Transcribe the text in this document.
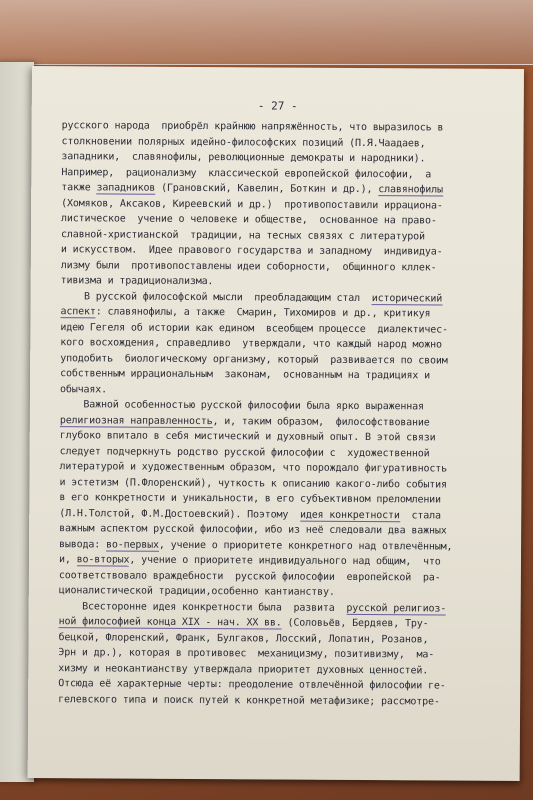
- 27 -
русского народа  приобрёл крайнюю напряжённость, что выразилось в
столкновении полярных идейно-философских позиций (П.Я.Чаадаев,
западники,  славянофилы, революционные демократы и народники).
Например,  рационализму  классической европейской философии,  а
также западников (Грановский, Кавелин, Боткин и др.), славянофилы
(Хомяков, Аксаков, Киреевский и др.)  противопоставили иррациона-
листическое  учение о человеке и обществе,  основанное на право-
славной-христианской  традиции, на тесных связях с литературой
и искусством.  Идее правового государства и западному  индивидуа-
лизму были  противопоставлены идеи соборности,  общинного кллек-
тивизма и традиционализма.
В русской философской мысли  преобладающим стал  исторический
аспект: славянофилы, а также  Смарин, Тихомиров и др., критикуя
идею Гегеля об истории как едином  всеобщем процессе  диалектичес-
кого восхождения, справедливо  утверждали, что каждый народ можно
уподобить  биологическому организму, который  развивается по своим
собственным иррациональным  законам,  основанным на традициях и
обычаях.
Важной особенностью русской философии была ярко выраженная
религиозная направленность, и, таким образом,  философствование
глубоко впитало в себя мистический и духовный опыт. В этой связи
следует подчеркнуть родство русской философии с  художественной
литературой и художественным образом, что порождало фигуративность
и эстетизм (П.Флоренский), чуткость к описанию какого-либо события
в его конкретности и уникальности, в его субъективном преломлении
(Л.Н.Толстой, Ф.М.Достоевский). Поэтому  идея конкретности  стала
важным аспектом русской философии, ибо из неё следовали два важных
вывода: во-первых, учение о приоритете конкретного над отвлечённым,
и, во-вторых, учение о приоритете индивидуального над общим,  что
соответствовало враждебности  русской философии  европейской  ра-
ционалистической традиции,особенно кантианству.
Всесторонне идея конкретности была  развита  русской религиоз-
ной философией конца XIX - нач. XX вв. (Соловьёв, Бердяев, Тру-
бецкой, Флоренский, Франк, Булгаков, Лосский, Лопатин, Розанов,
Эрн и др.), которая в противовес  механицизму, позитивизму,  ма-
хизму и неокантианству утверждала приоритет духовных ценностей.
Отсюда её характерные черты: преодоление отвлечённой философии ге-
гелевского типа и поиск путей к конкретной метафизике; рассмотре-
